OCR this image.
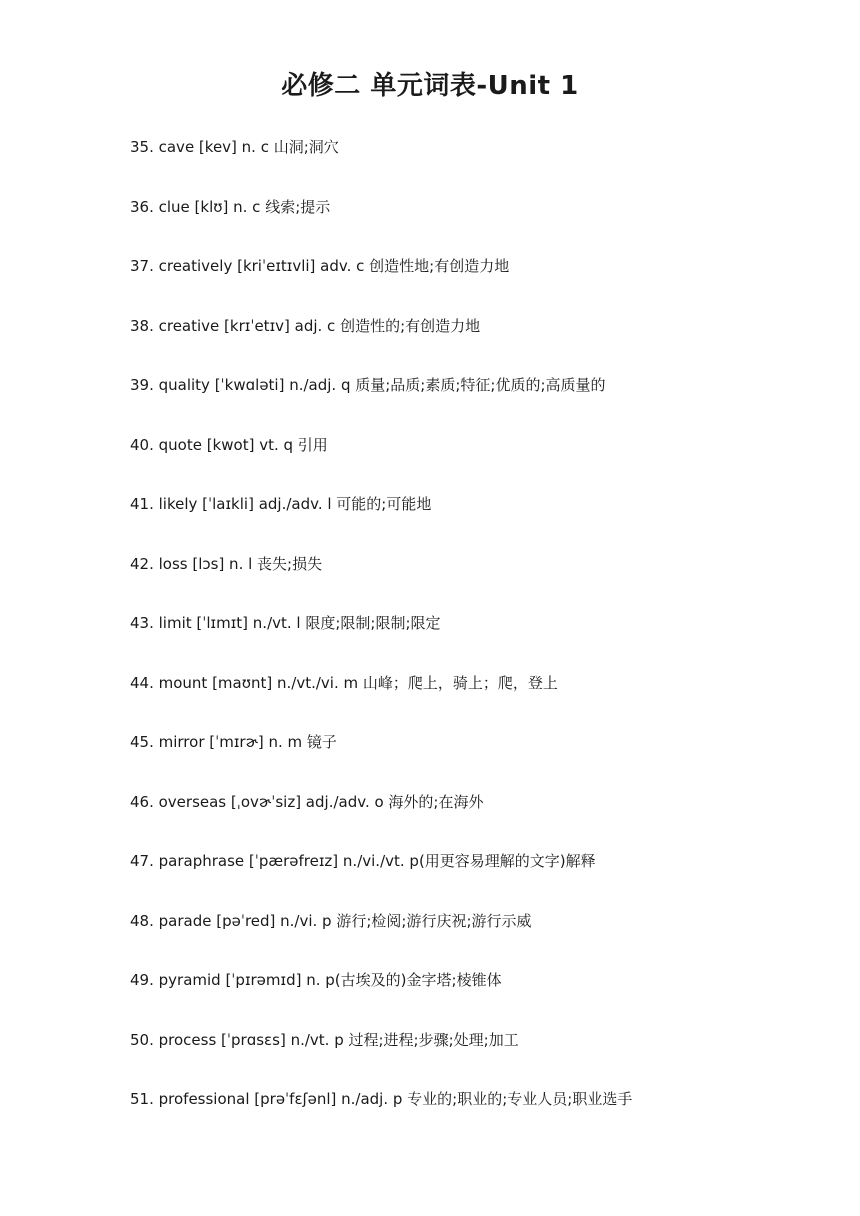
必修二 单元词表-Unit 1
35. cave [kev] n. c 山洞;洞穴
36. clue [klʊ] n. c 线索;提示
37. creatively [kriˈeɪtɪvli] adv. c 创造性地;有创造力地
38. creative [krɪˈetɪv] adj. c 创造性的;有创造力地
39. quality [ˈkwɑləti] n./adj. q 质量;品质;素质;特征;优质的;高质量的
40. quote [kwot] vt. q 引用
41. likely [ˈlaɪkli] adj./adv. l 可能的;可能地
42. loss [lɔs] n. l 丧失;损失
43. limit [ˈlɪmɪt] n./vt. l 限度;限制;限制;限定
44. mount [maʊnt] n./vt./vi. m 山峰；爬上，骑上；爬，登上
45. mirror [ˈmɪrɚ] n. m 镜子
46. overseas [ˌovɚˈsiz] adj./adv. o 海外的;在海外
47. paraphrase [ˈpærəfreɪz] n./vi./vt. p(用更容易理解的文字)解释
48. parade [pəˈred] n./vi. p 游行;检阅;游行庆祝;游行示威
49. pyramid [ˈpɪrəmɪd] n. p(古埃及的)金字塔;棱锥体
50. process [ˈprɑsɛs] n./vt. p 过程;进程;步骤;处理;加工
51. professional [prəˈfɛʃənl] n./adj. p 专业的;职业的;专业人员;职业选手
